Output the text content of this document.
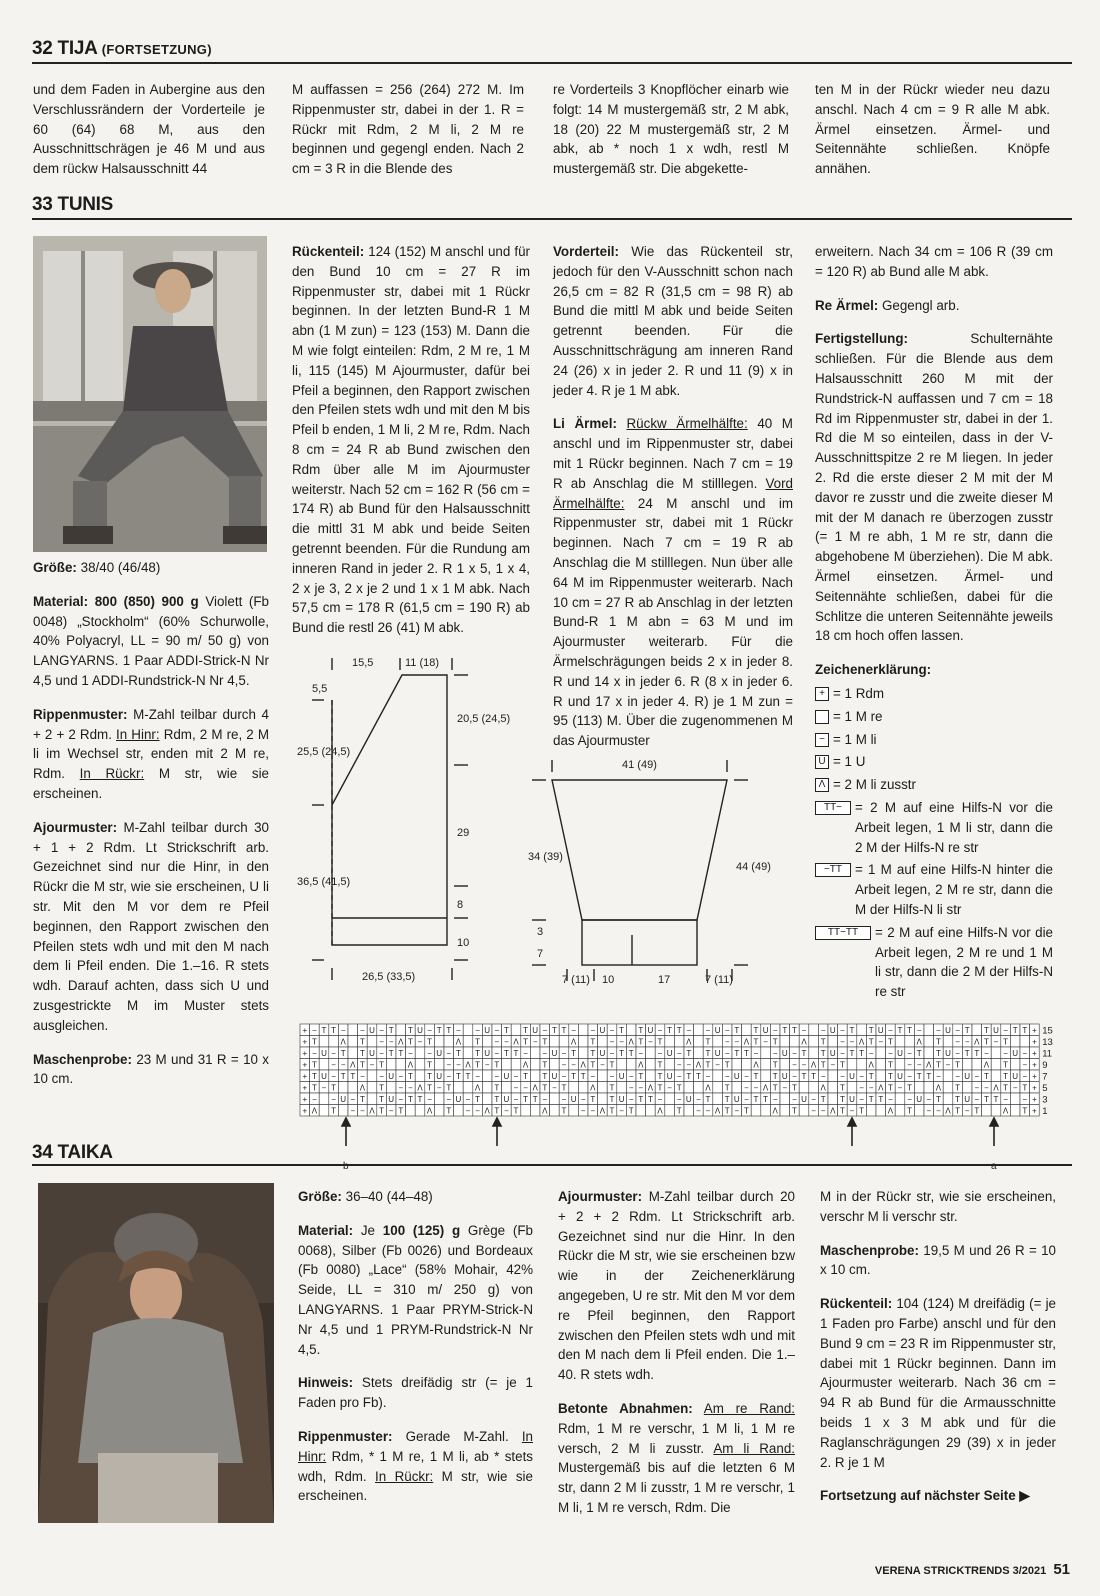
32 TIJA (FORTSETZUNG)
und dem Faden in Aubergine aus den Verschlussrändern der Vorderteile je 60 (64) 68 M, aus den Ausschnittschrägen je 46 M und aus dem rückw Halsausschnitt 44
M auffassen = 256 (264) 272 M. Im Rippenmuster str, dabei in der 1. R = Rückr mit Rdm, 2 M li, 2 M re beginnen und gegengl enden. Nach 2 cm = 3 R in die Blende des
re Vorderteils 3 Knopflöcher einarb wie folgt: 14 M mustergemäß str, 2 M abk, 18 (20) 22 M mustergemäß str, 2 M abk, ab * noch 1 x wdh, restl M mustergemäß str. Die abgekette-
ten M in der Rückr wieder neu dazu anschl. Nach 4 cm = 9 R alle M abk. Ärmel einsetzen. Ärmel- und Seitennähte schließen. Knöpfe annähen.
33 TUNIS

Größe: 38/40 (46/48)

Material: 800 (850) 900 g Violett (Fb 0048) „Stockholm“ (60% Schurwolle, 40% Polyacryl, LL = 90 m/ 50 g) von LANGYARNS. 1 Paar ADDI-Strick-N Nr 4,5 und 1 ADDI-Rundstrick-N Nr 4,5.

Rippenmuster: M-Zahl teilbar durch 4 + 2 + 2 Rdm. In Hinr: Rdm, 2 M re, 2 M li im Wechsel str, enden mit 2 M re, Rdm. In Rückr: M str, wie sie erscheinen.

Ajourmuster: M-Zahl teilbar durch 30 + 1 + 2 Rdm. Lt Strickschrift arb. Gezeichnet sind nur die Hinr, in den Rückr die M str, wie sie erscheinen, U li str. Mit den M vor dem re Pfeil beginnen, den Rapport zwischen den Pfeilen stets wdh und mit den M nach dem li Pfeil enden. Die 1.–16. R stets wdh. Darauf achten, dass sich U und zusgestrickte M im Muster stets ausgleichen.

Maschenprobe: 23 M und 31 R = 10 x 10 cm.

Rückenteil: 124 (152) M anschl und für den Bund 10 cm = 27 R im Rippenmuster str, dabei mit 1 Rückr beginnen. In der letzten Bund-R 1 M abn (1 M zun) = 123 (153) M. Dann die M wie folgt einteilen: Rdm, 2 M re, 1 M li, 115 (145) M Ajourmuster, dafür bei Pfeil a beginnen, den Rapport zwischen den Pfeilen stets wdh und mit den M bis Pfeil b enden, 1 M li, 2 M re, Rdm. Nach 8 cm = 24 R ab Bund zwischen den Rdm über alle M im Ajourmuster weiterstr. Nach 52 cm = 162 R (56 cm = 174 R) ab Bund für den Halsausschnitt die mittl 31 M abk und beide Seiten getrennt beenden. Für die Rundung am inneren Rand in jeder 2. R 1 x 5, 1 x 4, 2 x je 3, 2 x je 2 und 1 x 1 M abk. Nach 57,5 cm = 178 R (61,5 cm = 190 R) ab Bund die restl 26 (41) M abk.

Vorderteil: Wie das Rückenteil str, jedoch für den V-Ausschnitt schon nach 26,5 cm = 82 R (31,5 cm = 98 R) ab Bund die mittl M abk und beide Seiten getrennt beenden. Für die Ausschnittschrägung am inneren Rand 24 (26) x in jeder 2. R und 11 (9) x in jeder 4. R je 1 M abk.

Li Ärmel: Rückw Ärmelhälfte: 40 M anschl und im Rippenmuster str, dabei mit 1 Rückr beginnen. Nach 7 cm = 19 R ab Anschlag die M stilllegen. Vord Ärmelhälfte: 24 M anschl und im Rippenmuster str, dabei mit 1 Rückr beginnen. Nach 7 cm = 19 R ab Anschlag die M stilllegen. Nun über alle 64 M im Rippenmuster weiterarb. Nach 10 cm = 27 R ab Anschlag in der letzten Bund-R 1 M abn = 63 M und im Ajourmuster weiterarb. Für die Ärmelschrägungen beids 2 x in jeder 8. R und 14 x in jeder 6. R (8 x in jeder 6. R und 17 x in jeder 4. R) je 1 M zun = 95 (113) M. Über die zugenommenen M das Ajourmuster

erweitern. Nach 34 cm = 106 R (39 cm = 120 R) ab Bund alle M abk.

Re Ärmel: Gegengl arb.

Fertigstellung:	Schulternähte schließen. Für die Blende aus dem Halsausschnitt 260 M mit der Rundstrick-N auffassen und 7 cm = 18 Rd im Rippenmuster str, dabei in der 1. Rd die M so einteilen, dass in der V-Ausschnittspitze 2 re M liegen. In jeder 2. Rd die erste dieser 2 M mit der M davor re zusstr und die zweite dieser M mit der M danach re überzogen zusstr (= 1 M re abh, 1 M re str, dann die abgehobene M überziehen). Die M abk. Ärmel einsetzen. Ärmel- und Seitennähte schließen, dabei für die Schlitze die unteren Seitennähte jeweils 18 cm hoch offen lassen.

Zeichenerklärung:
+ = 1 Rdm
= 1 M re
− = 1 M li
U = 1 U
Λ = 2 M li zusstr
TT− = 2 M auf eine Hilfs-N vor die Arbeit legen, 1 M li str, dann die 2 M der Hilfs-N re str
−TT = 1 M auf eine Hilfs-N hinter die Arbeit legen, 2 M re str, dann die M der Hilfs-N li str
TT−TT	= 2 M auf eine Hilfs-N vor die Arbeit legen, 2 M re und 1 M li str, dann die 2 M der Hilfs-N re str
15,5	11 (18)
5,5
25,5 (24,5)
20,5 (24,5)
29
36,5 (41,5)
8
10
26,5 (33,5)
41 (49)
34 (39)
44 (49)
3
7
7 (11) 10	17	7 (11)
+ − T T − − U − T T U − T T − − U − T T U − T T − − U − T T U − T T − − U − T T U − T T − − U − T T U − T T − − U − T T U − T T +
+ T	Λ T − − Λ T − T	Λ T − − Λ T − T	Λ T − − Λ T − T	Λ T − − Λ T − T	Λ T − − Λ T − T	Λ T − − Λ T − T	+
+ − U − T T U − T T − − U − T T U − T T − − U − T T U − T T − − U − T T U − T T − − U − T T U − T T − − U − T T U − T T − − U − +
+ T − − Λ T − T	Λ T − − Λ T − T	Λ T − − Λ T − T	Λ T − − Λ T − T	Λ T − − Λ T − T	Λ T − − Λ T − T	Λ T − +
+ T U − T T − − U − T T U − T T − − U − T T U − T T − − U − T T U − T T − − U − T T U − T T − − U − T T U − T T − − U − T T U − +
+ T − T	Λ T − − Λ T − T	Λ T − − Λ T − T	Λ T − − Λ T − T	Λ T − − Λ T − T	Λ T − − Λ T − T	Λ T − − Λ T − T +
+ − − U − T T U − T T − − U − T T U − T T − − U − T T U − T T − − U − T T U − T T − − U − T T U − T T − − U − T T U − T T − − +
+ Λ T − − Λ T − T	Λ T − − Λ T − T	Λ T − − Λ T − T	Λ T − − Λ T − T	Λ T − − Λ T − T	Λ T − − Λ T − T	Λ T +
15
13
11
9
7
5
3
1
b	a
34 TAIKA

Größe: 36–40 (44–48)

Material: Je 100 (125) g Grège (Fb 0068), Silber (Fb 0026) und Bordeaux (Fb 0080) „Lace“ (58% Mohair, 42% Seide, LL = 310 m/ 250 g) von LANGYARNS. 1 Paar PRYM-Strick-N Nr 4,5 und 1 PRYM-Rundstrick-N Nr 4,5.

Hinweis: Stets dreifädig str (= je 1 Faden pro Fb).

Rippenmuster: Gerade M-Zahl. In Hinr: Rdm, * 1 M re, 1 M li, ab * stets wdh, Rdm. In Rückr: M str, wie sie erscheinen.

Ajourmuster: M-Zahl teilbar durch 20 + 2 + 2 Rdm. Lt Strickschrift arb. Gezeichnet sind nur die Hinr. In den Rückr die M str, wie sie erscheinen bzw wie in der Zeichenerklärung angegeben, U re str. Mit den M vor dem re Pfeil beginnen, den Rapport zwischen den Pfeilen stets wdh und mit den M nach dem li Pfeil enden. Die 1.–40. R stets wdh.

Betonte Abnahmen: Am re Rand: Rdm, 1 M re verschr, 1 M li, 1 M re versch, 2 M li zusstr. Am li Rand: Mustergemäß bis auf die letzten 6 M str, dann 2 M li zusstr, 1 M re verschr, 1 M li, 1 M re versch, Rdm. Die

M in der Rückr str, wie sie erscheinen, verschr M li verschr str.

Maschenprobe: 19,5 M und 26 R = 10 x 10 cm.

Rückenteil: 104 (124) M dreifädig (= je 1 Faden pro Farbe) anschl und für den Bund 9 cm = 23 R im Rippenmuster str, dabei mit 1 Rückr beginnen. Dann im Ajourmuster weiterarb. Nach 36 cm = 94 R ab Bund für die Armausschnitte beids 1 x 3 M abk und für die Raglanschrägungen 29 (39) x in jeder 2. R je 1 M

Fortsetzung auf nächster Seite ▶

VERENA STRICKTRENDS 3/2021 51
